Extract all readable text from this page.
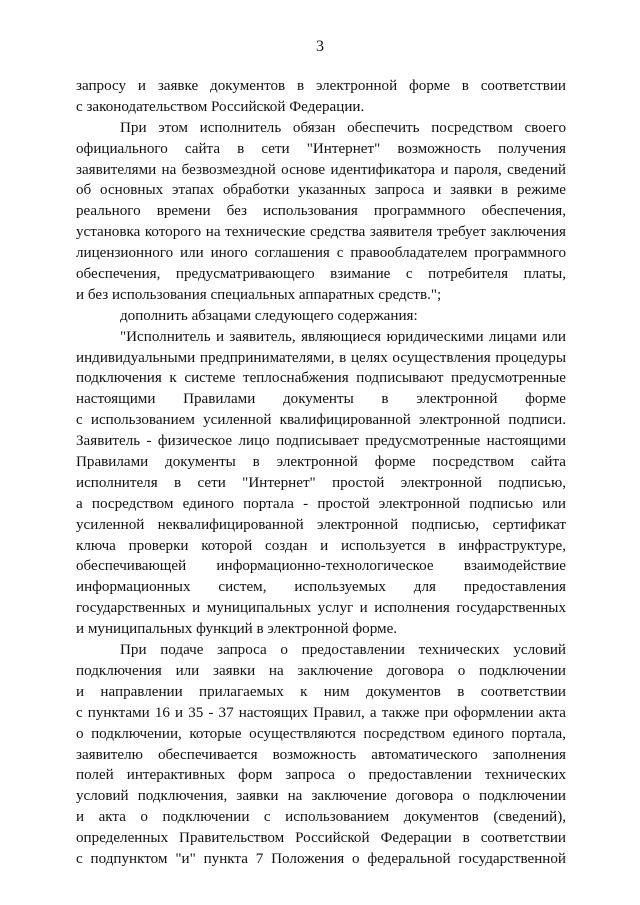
3
запросу и заявке документов в электронной форме в соответствии
с законодательством Российской Федерации.
При этом исполнитель обязан обеспечить посредством своего
официального сайта в сети "Интернет" возможность получения
заявителями на безвозмездной основе идентификатора и пароля, сведений
об основных этапах обработки указанных запроса и заявки в режиме
реального времени без использования программного обеспечения,
установка которого на технические средства заявителя требует заключения
лицензионного или иного соглашения с правообладателем программного
обеспечения, предусматривающего взимание с потребителя платы,
и без использования специальных аппаратных средств.";
дополнить абзацами следующего содержания:
"Исполнитель и заявитель, являющиеся юридическими лицами или
индивидуальными предпринимателями, в целях осуществления процедуры
подключения к системе теплоснабжения подписывают предусмотренные
настоящими Правилами документы в электронной форме
с использованием усиленной квалифицированной электронной подписи.
Заявитель - физическое лицо подписывает предусмотренные настоящими
Правилами документы в электронной форме посредством сайта
исполнителя в сети "Интернет" простой электронной подписью,
а посредством единого портала - простой электронной подписью или
усиленной неквалифицированной электронной подписью, сертификат
ключа проверки которой создан и используется в инфраструктуре,
обеспечивающей информационно-технологическое взаимодействие
информационных систем, используемых для предоставления
государственных и муниципальных услуг и исполнения государственных
и муниципальных функций в электронной форме.
При подаче запроса о предоставлении технических условий
подключения или заявки на заключение договора о подключении
и направлении прилагаемых к ним документов в соответствии
с пунктами 16 и 35 - 37 настоящих Правил, а также при оформлении акта
о подключении, которые осуществляются посредством единого портала,
заявителю обеспечивается возможность автоматического заполнения
полей интерактивных форм запроса о предоставлении технических
условий подключения, заявки на заключение договора о подключении
и акта о подключении с использованием документов (сведений),
определенных Правительством Российской Федерации в соответствии
с подпунктом "и" пункта 7 Положения о федеральной государственной
